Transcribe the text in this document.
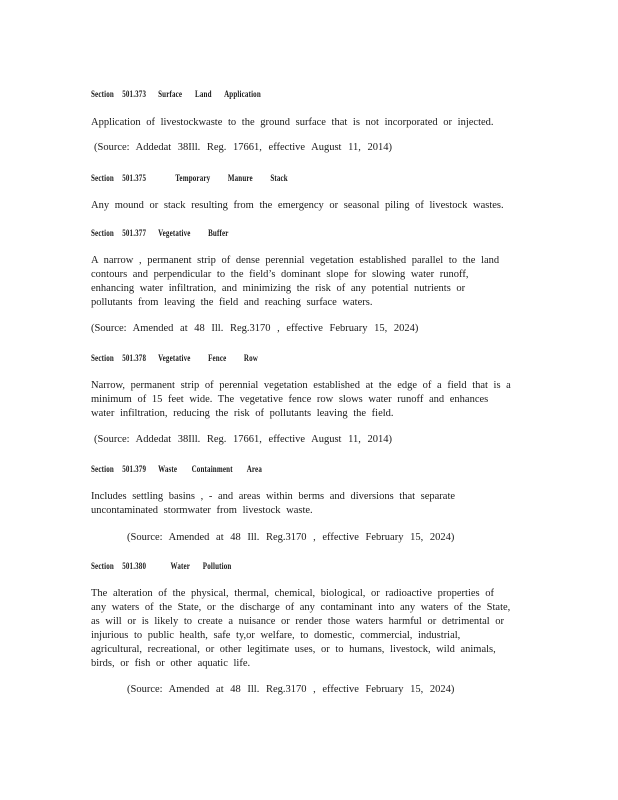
Section 501.373 Surface Land Application
Application of livestockwaste to the ground surface that is not incorporated or injected.
(Source: Addedat 38Ill. Reg. 17661, effective August 11, 2014)
Section 501.375	Temporary Manure Stack
Any mound or stack resulting from the emergency or seasonal piling of livestock wastes.
Section 501.377 Vegetative Buffer
A narrow , permanent strip of dense perennial vegetation established parallel to the land
contours and perpendicular to the field’s dominant slope for slowing water runoff,
enhancing water infiltration, and minimizing the risk of any potential nutrients or
pollutants from leaving the field and reaching surface waters.
(Source: Amended at 48 Ill. Reg.3170 , effective February 15, 2024)
Section 501.378 Vegetative Fence Row
Narrow, permanent strip of perennial vegetation established at the edge of a field that is a
minimum of 15 feet wide. The vegetative fence row slows water runoff and enhances
water infiltration, reducing the risk of pollutants leaving the field.
(Source: Addedat 38Ill. Reg. 17661, effective August 11, 2014)
Section 501.379 Waste Containment Area
Includes settling basins , - and areas within berms and diversions that separate
uncontaminated stormwater from livestock waste.
(Source: Amended at 48 Ill. Reg.3170 , effective February 15, 2024)
Section 501.380	Water Pollution
The alteration of the physical, thermal, chemical, biological, or radioactive properties of
any waters of the State, or the discharge of any contaminant into any waters of the State,
as will or is likely to create a nuisance or render those waters harmful or detrimental or
injurious to public health, safe ty,or welfare, to domestic, commercial, industrial,
agricultural, recreational, or other legitimate uses, or to humans, livestock, wild animals,
birds, or fish or other aquatic life.
(Source: Amended at 48 Ill. Reg.3170 , effective February 15, 2024)
